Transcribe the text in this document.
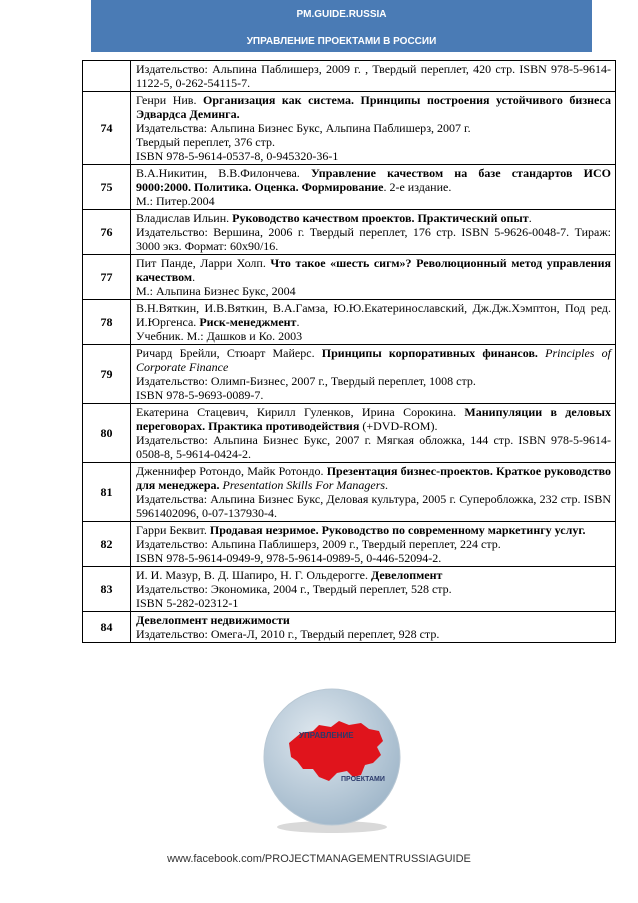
PM.GUIDE.RUSSIA
УПРАВЛЕНИЕ ПРОЕКТАМИ В РОССИИ

	Издательство: Альпина Паблишерз, 2009 г. , Твердый переплет, 420 стр. ISBN 978-5-9614-1122-5, 0-262-54115-7.

74	Генри Нив. Организация как система. Принципы построения устойчивого бизнеса Эдвардса Деминга.
Издательства: Альпина Бизнес Букс, Альпина Паблишерз, 2007 г.
Твердый переплет, 376 стр.
ISBN 978-5-9614-0537-8, 0-945320-36-1

75	В.А.Никитин, В.В.Филончева. Управление качеством на базе стандартов ИСО 9000:2000. Политика. Оценка. Формирование. 2-е издание.
М.: Питер.2004

76	Владислав Ильин. Руководство качеством проектов. Практический опыт.
Издательство: Вершина, 2006 г. Твердый переплет, 176 стр. ISBN 5-9626-0048-7. Тираж: 3000 экз. Формат: 60х90/16.

77	Пит Панде, Ларри Холп. Что такое «шесть сигм»? Революционный метод управления качеством.
М.: Альпина Бизнес Букс, 2004

78	В.Н.Вяткин, И.В.Вяткин, В.А.Гамза, Ю.Ю.Екатеринославский, Дж.Дж.Хэмптон, Под ред. И.Юргенса. Риск-менеджмент.
Учебник. М.: Дашков и Ко. 2003

79	Ричард Брейли, Стюарт Майерс. Принципы корпоративных финансов. Principles of Corporate Finance
Издательство: Олимп-Бизнес, 2007 г., Твердый переплет, 1008 стр.
ISBN 978-5-9693-0089-7.

80	Екатерина Стацевич, Кирилл Гуленков, Ирина Сорокина. Манипуляции в деловых переговорах. Практика противодействия (+DVD-ROM).
Издательство: Альпина Бизнес Букс, 2007 г. Мягкая обложка, 144 стр. ISBN 978-5-9614-0508-8, 5-9614-0424-2.

81	Дженнифер Ротондо, Майк Ротондо. Презентация бизнес-проектов. Краткое руководство для менеджера. Presentation Skills For Managers.
Издательства: Альпина Бизнес Букс, Деловая культура, 2005 г. Суперобложка, 232 стр. ISBN 5961402096, 0-07-137930-4.

82	Гарри Беквит. Продавая незримое. Руководство по современному маркетингу услуг.
Издательство: Альпина Паблишерз, 2009 г., Твердый переплет, 224 стр.
ISBN 978-5-9614-0949-9, 978-5-9614-0989-5, 0-446-52094-2.

83	И. И. Мазур, В. Д. Шапиро, Н. Г. Ольдерогге. Девелопмент
Издательство: Экономика, 2004 г., Твердый переплет, 528 стр.
ISBN 5-282-02312-1

84	Девелопмент недвижимости
Издательство: Омега-Л, 2010 г., Твердый переплет, 928 стр.
УПРАВЛЕНИЕ
ПРОЕКТАМИ
www.facebook.com/PROJECTMANAGEMENTRUSSIAGUIDE
